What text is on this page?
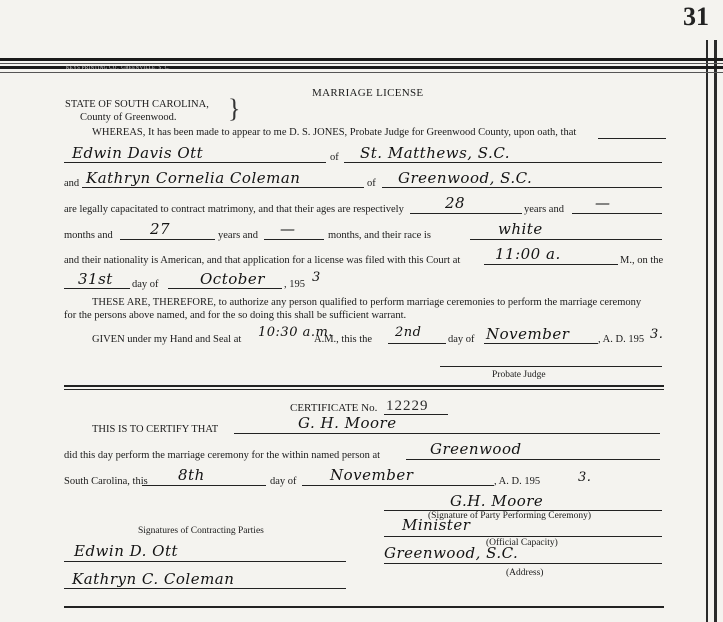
31
KEYS PRINTING CO., GREENVILLE, S. C.
MARRIAGE LICENSE
STATE OF SOUTH CAROLINA,
County of Greenwood. }
WHEREAS, It has been made to appear to me D. S. JONES, Probate Judge for Greenwood County, upon oath, that
Edwin Davis Ott	of St. Matthews, S.C.
and Kathryn Cornelia Coleman	of Greenwood, S.C.
are legally capacitated to contract matrimony, and that their ages are respectively	28	years and —
months and 27	years and —	months, and their race is	white
and their nationality is American, and that application for a license was filed with this Court at 11:00 a.	M., on the
31st day of	October , 195 3
THESE ARE, THEREFORE, to authorize any person qualified to perform marriage ceremonies to perform the marriage ceremony
for the persons above named, and for the so doing this shall be sufficient warrant.
GIVEN under my Hand and Seal at 10:30 a.m.
A.M., this the 2nd	day of November	, A. D. 195 3.
Probate Judge
CERTIFICATE No. 12229
THIS IS TO CERTIFY THAT	G. H. Moore
did this day perform the marriage ceremony for the within named person at	Greenwood
South Carolina, this 8th	day of November	, A. D. 195	3.
G.H. Moore
(Signature of Party Performing Ceremony)
Signatures of Contracting Parties	Minister
(Official Capacity)
Edwin D. Ott	Greenwood, S.C.
(Address)
Kathryn C. Coleman
